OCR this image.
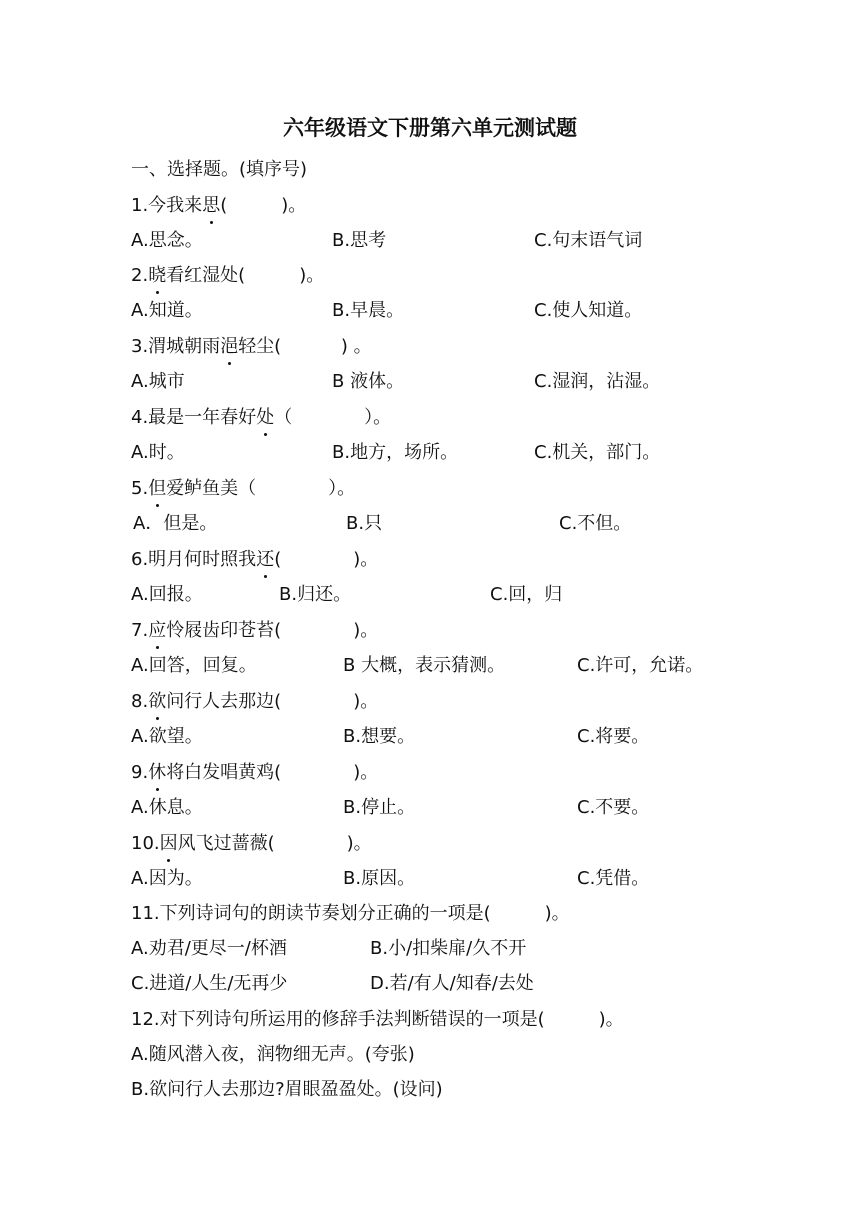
六年级语文下册第六单元测试题
一、选择题。(填序号)
1.今我来思(　　　)。
A.思念。	B.思考	C.句末语气词
2.晓看红湿处(　　　)。
A.知道。	B.早晨。	C.使人知道。
3.渭城朝雨浥轻尘(　　　 ) 。
A.城市	B 液体。	C.湿润，沾湿。
4.最是一年春好处（　　　　）。
A.时。	B.地方，场所。	C.机关，部门。
5.但爱鲈鱼美（　　　　）。
A．但是。	B.只	C.不但。
6.明月何时照我还(　　　　)。
A.回报。	B.归还。	C.回，归
7.应怜屐齿印苍苔(　　　　)。
A.回答，回复。	B 大概，表示猜测。	C.许可，允诺。
8.欲问行人去那边(　　　　)。
A.欲望。	B.想要。	C.将要。
9.休将白发唱黄鸡(　　　　)。
A.休息。	B.停止。	C.不要。
10.因风飞过蔷薇(　　　　)。
A.因为。	B.原因。	C.凭借。
11.下列诗词句的朗读节奏划分正确的一项是(　　　)。
A.劝君/更尽一/杯酒	B.小/扣柴扉/久不开
C.进道/人生/无再少	D.若/有人/知春/去处
12.对下列诗句所运用的修辞手法判断错误的一项是(　　　)。
A.随风潜入夜，润物细无声。(夸张)
B.欲问行人去那边?眉眼盈盈处。(设问)
